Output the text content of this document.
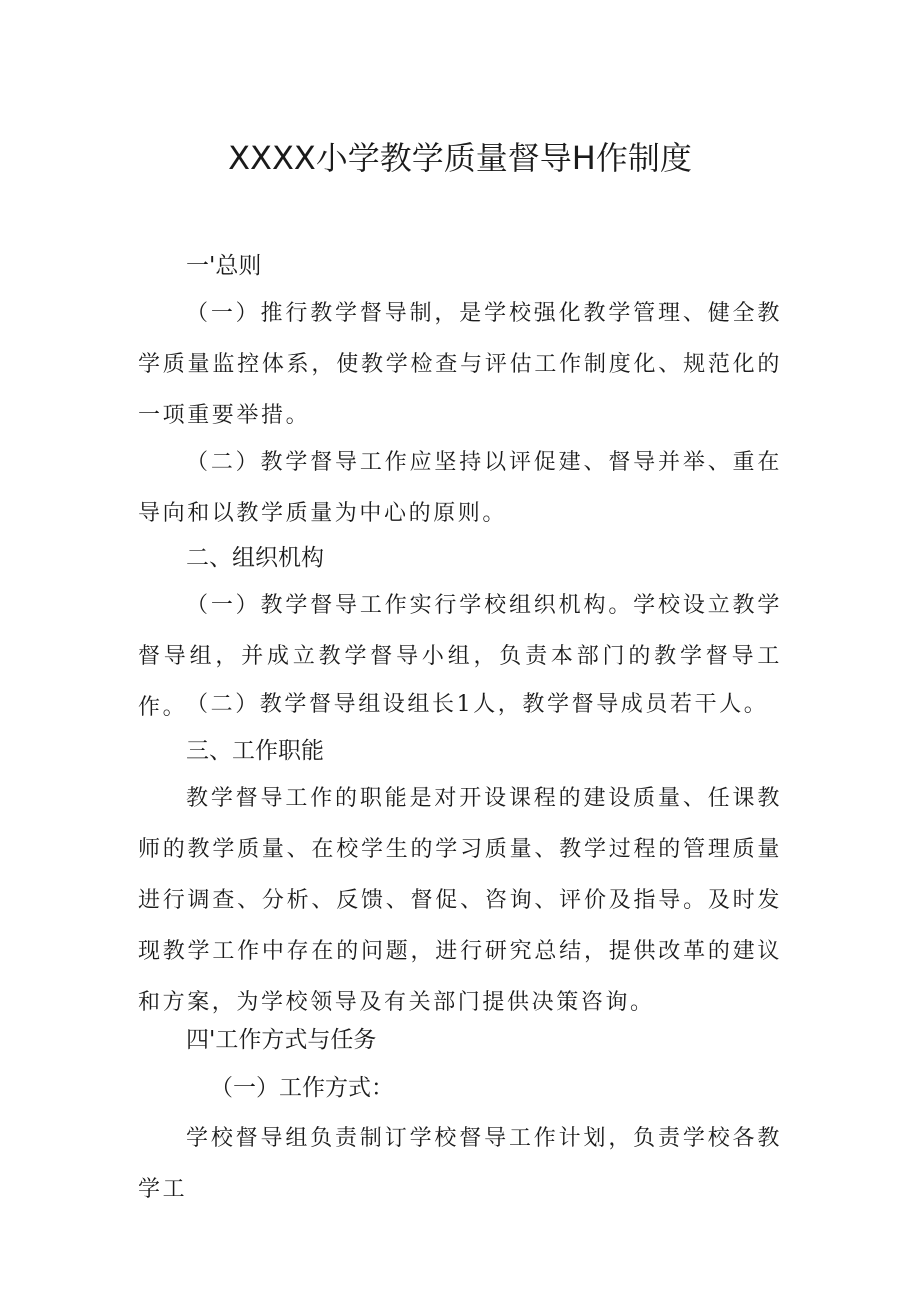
XXXX小学教学质量督导H作制度
一'总则

（一）推行教学督导制，是学校强化教学管理、健全教学质量监控体系，使教学检查与评估工作制度化、规范化的一项重要举措。

（二）教学督导工作应坚持以评促建、督导并举、重在导向和以教学质量为中心的原则。

二、组织机构

（一）教学督导工作实行学校组织机构。学校设立教学督导组，并成立教学督导小组，负责本部门的教学督导工作。

（二）教学督导组设组长1人，教学督导成员若干人。

三、工作职能

教学督导工作的职能是对开设课程的建设质量、任课教师的教学质量、在校学生的学习质量、教学过程的管理质量进行调查、分析、反馈、督促、咨询、评价及指导。及时发现教学工作中存在的问题，进行研究总结，提供改革的建议和方案，为学校领导及有关部门提供决策咨询。

四'工作方式与任务
（一）工作方式：

学校督导组负责制订学校督导工作计划，负责学校各教学工
